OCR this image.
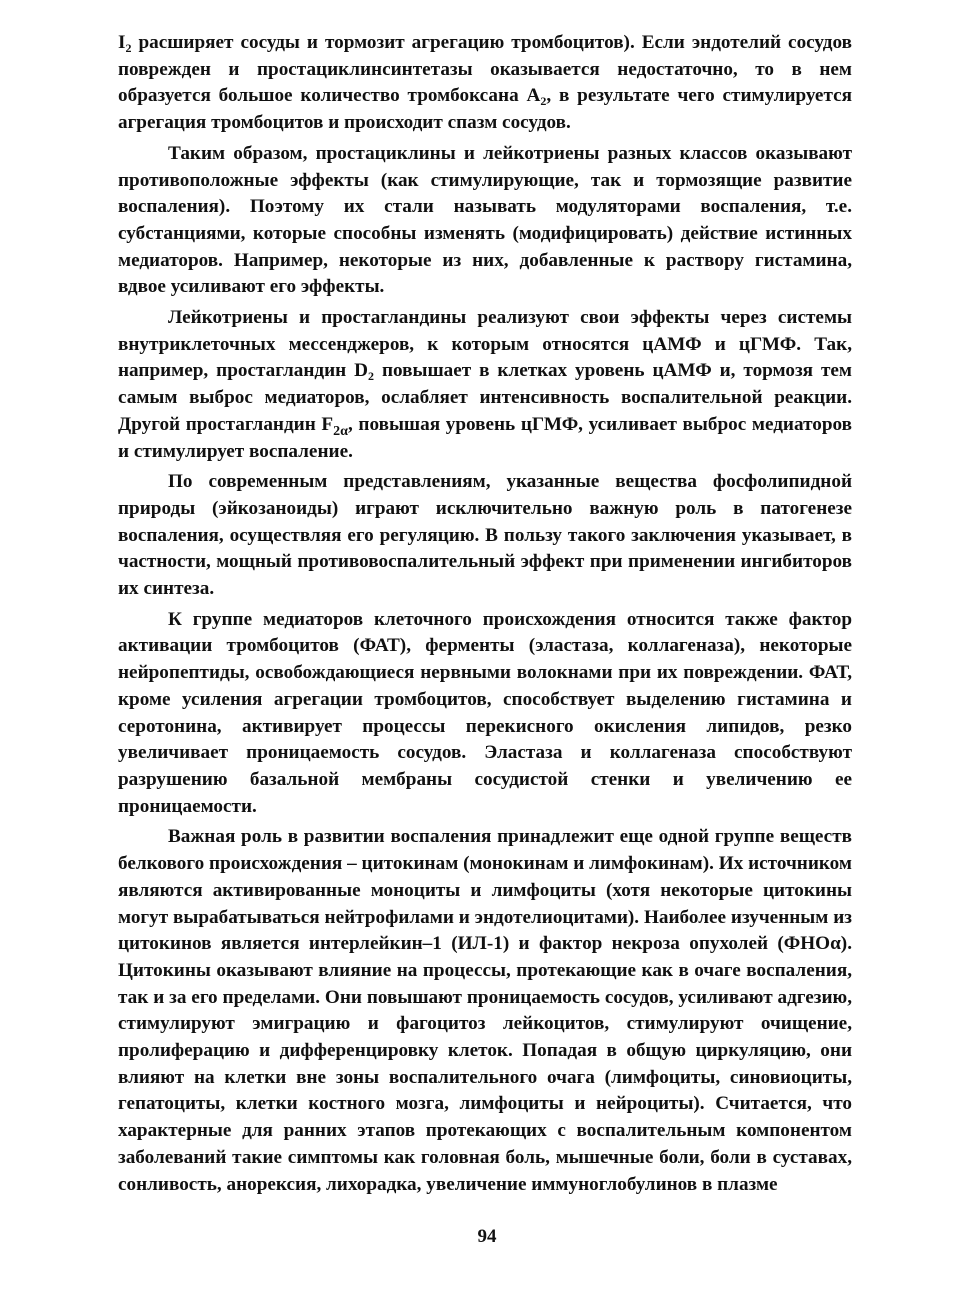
$I_2$ расширяет сосуды и тормозит агрегацию тромбоцитов). Если эндотелий сосудов поврежден и простациклинсинтетазы оказывается недостаточно, то в нем образуется большое количество тромбоксана $А_2$, в результате чего стимулируется агрегация тромбоцитов и происходит спазм сосудов.

Таким образом, простациклины и лейкотриены разных классов оказывают противоположные эффекты (как стимулирующие, так и тормозящие развитие воспаления). Поэтому их стали называть модуляторами воспаления, т.е. субстанциями, которые способны изменять (модифицировать) действие истинных медиаторов. Например, некоторые из них, добавленные к раствору гистамина, вдвое усиливают его эффекты.

Лейкотриены и простагландины реализуют свои эффекты через системы внутриклеточных мессенджеров, к которым относятся цАМФ и цГМФ. Так, например, простагландин $D_2$ повышает в клетках уровень цАМФ и, тормозя тем самым выброс медиаторов, ослабляет интенсивность воспалительной реакции. Другой простагландин $F_{2\alpha}$, повышая уровень цГМФ, усиливает выброс медиаторов и стимулирует воспаление.

По современным представлениям, указанные вещества фосфолипидной природы (эйкозаноиды) играют исключительно важную роль в патогенезе воспаления, осуществляя его регуляцию. В пользу такого заключения указывает, в частности, мощный противовоспалительный эффект при применении ингибиторов их синтеза.

К группе медиаторов клеточного происхождения относится также фактор активации тромбоцитов (ФАТ), ферменты (эластаза, коллагеназа), некоторые нейропептиды, освобождающиеся нервными волокнами при их повреждении. ФАТ, кроме усиления агрегации тромбоцитов, способствует выделению гистамина и серотонина, активирует процессы перекисного окисления липидов, резко увеличивает проницаемость сосудов. Эластаза и коллагеназа способствуют разрушению базальной мембраны сосудистой стенки и увеличению ее проницаемости.

Важная роль в развитии воспаления принадлежит еще одной группе веществ белкового происхождения – цитокинам (монокинам и лимфокинам). Их источником являются активированные моноциты и лимфоциты (хотя некоторые цитокины могут вырабатываться нейтрофилами и эндотелиоцитами). Наиболее изученным из цитокинов является интерлейкин–1 (ИЛ-1) и фактор некроза опухолей (ФНОα). Цитокины оказывают влияние на процессы, протекающие как в очаге воспаления, так и за его пределами. Они повышают проницаемость сосудов, усиливают адгезию, стимулируют эмиграцию и фагоцитоз лейкоцитов, стимулируют очищение, пролиферацию и дифференцировку клеток. Попадая в общую циркуляцию, они влияют на клетки вне зоны воспалительного очага (лимфоциты, синовиоциты, гепатоциты, клетки костного мозга, лимфоциты и нейроциты). Считается, что характерные для ранних этапов протекающих с воспалительным компонентом заболеваний такие симптомы как головная боль, мышечные боли, боли в суставах, сонливость, анорексия, лихорадка, увеличение иммуноглобулинов в плазме

94
